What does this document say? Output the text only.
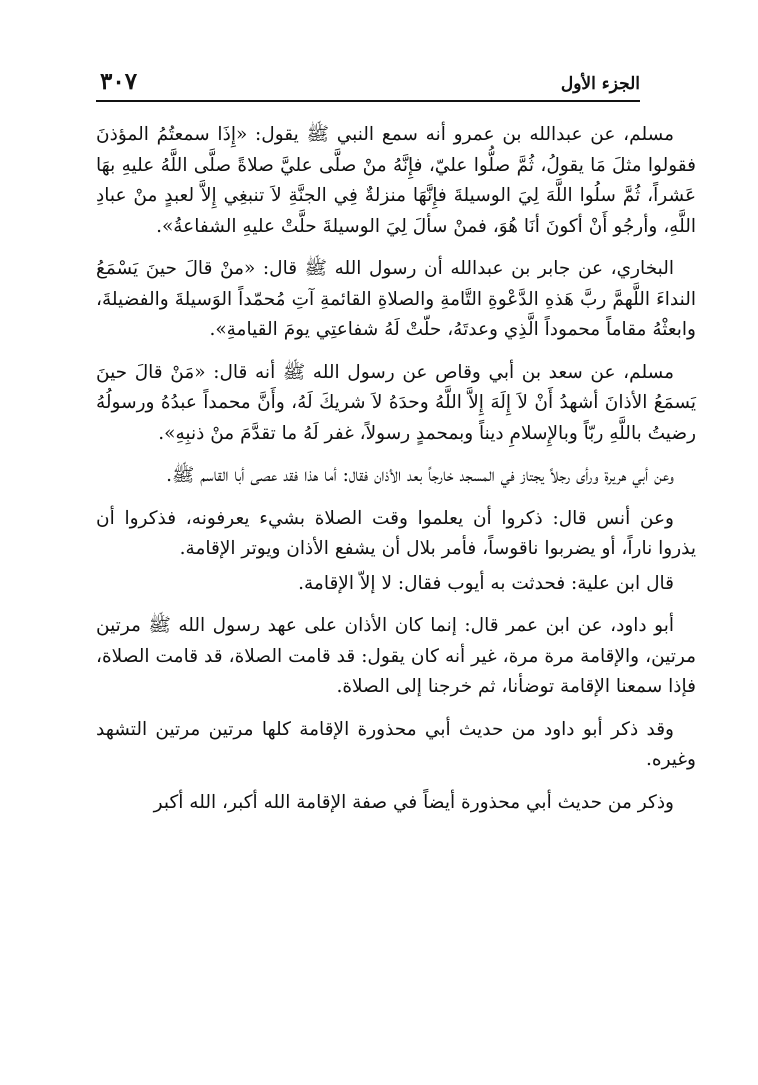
الجزء الأول
٣٠٧

مسلم، عن عبدالله بن عمرو أنه سمع النبي ﷺ يقول: «إِذَا سمعتُمُ المؤذنَ فقولوا مثلَ مَا يقولُ، ثُمَّ صلُّوا عليّ، فإِنَّهُ منْ صلَّى عليَّ صلاةً صلَّى اللَّهُ عليهِ بهَا عَشراً، ثُمَّ سلُوا اللَّهَ لِيَ الوسيلةَ فإِنَّهَا منزلةٌ فِي الجنَّةِ لاَ تنبغِي إِلاَّ لعبدٍ منْ عبادِ اللَّهِ، وأرجُو أَنْ أكونَ أنَا هُوَ، فمنْ سألَ لِيَ الوسيلةَ حلَّتْ عليهِ الشفاعةُ».

البخاري، عن جابر بن عبدالله أن رسول الله ﷺ قال: «منْ قالَ حينَ يَسْمَعُ النداءَ اللَّهمَّ ربَّ هَذهِ الدَّعْوةِ التَّامةِ والصلاةِ القائمةِ آتِ مُحمّداً الوَسيلةَ والفضيلةَ، وابعثْهُ مقاماً محموداً الَّذِي وعدتَهُ، حلّتْ لَهُ شفاعتِي يومَ القيامةِ».

مسلم، عن سعد بن أبي وقاص عن رسول الله ﷺ أنه قال: «مَنْ قالَ حينَ يَسمَعُ الأذانَ أشهدُ أَنْ لاَ إِلَهَ إِلاَّ اللَّهُ وحدَهُ لاَ شريكَ لَهُ، وأَنَّ محمداً عبدُهُ ورسولُهُ رضيتُ باللَّهِ ربّاً وبالإِسلامِ ديناً وبمحمدٍ رسولاً، غفر لَهُ ما تقدَّمَ منْ ذنبِهِ».

وعن أبي هريرة ورأى رجلاً يجتاز في المسجد خارجاً بعد الأذان فقال: أما هذا فقد عصى أبا القاسم ﷺ.

وعن أنس قال: ذكروا أن يعلموا وقت الصلاة بشيء يعرفونه، فذكروا أن يذروا ناراً، أو يضربوا ناقوساً، فأمر بلال أن يشفع الأذان ويوتر الإقامة.

قال ابن علية: فحدثت به أيوب فقال: لا إلاّ الإقامة.

أبو داود، عن ابن عمر قال: إنما كان الأذان على عهد رسول الله ﷺ مرتين مرتين، والإقامة مرة مرة، غير أنه كان يقول: قد قامت الصلاة، قد قامت الصلاة، فإذا سمعنا الإقامة توضأنا، ثم خرجنا إلى الصلاة.

وقد ذكر أبو داود من حديث أبي محذورة الإقامة كلها مرتين مرتين التشهد وغيره.

وذكر من حديث أبي محذورة أيضاً في صفة الإقامة الله أكبر، الله أكبر
